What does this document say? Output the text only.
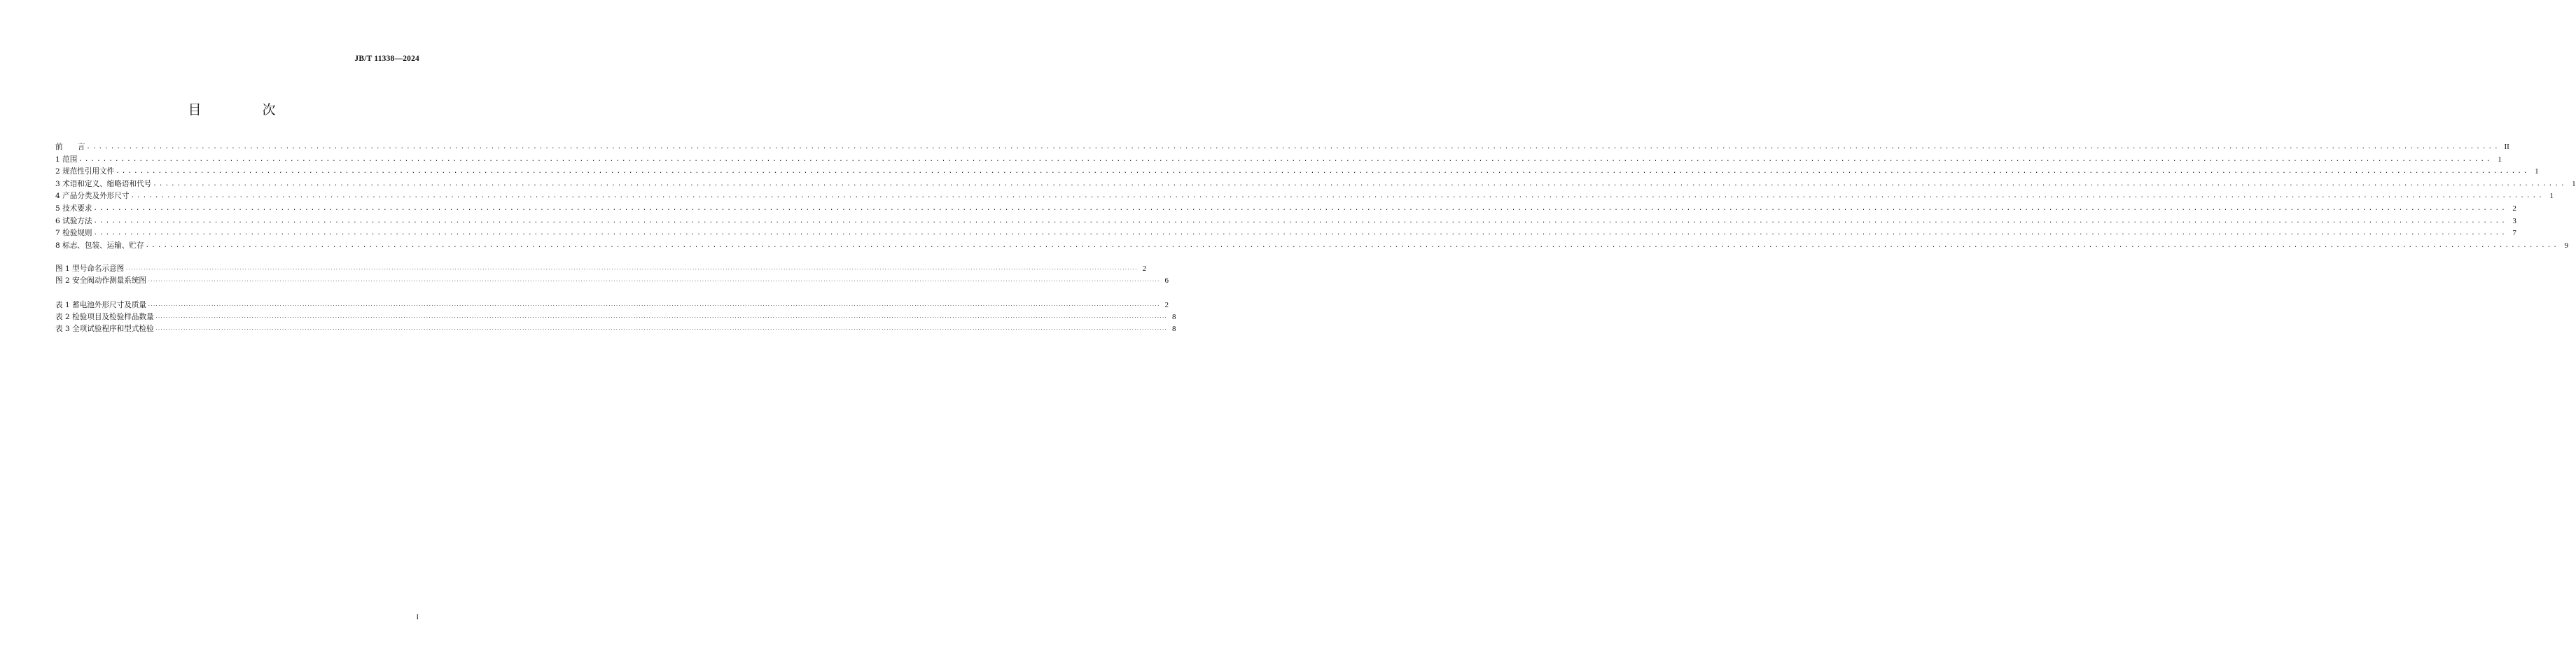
JB/T 11338—2024
目　次
前　　言 ................................................................................................................................................................................................................................................................................................................................................................................................................ II
1 范围 ................................................................................................................................................................................................................................................................................................................................................................................................................ 1
2 规范性引用文件 ................................................................................................................................................................................................................................................................................................................................................................................................................ 1
3 术语和定义、缩略语和代号 ................................................................................................................................................................................................................................................................................................................................................................................................................ 1
4 产品分类及外形尺寸 ................................................................................................................................................................................................................................................................................................................................................................................................................ 1
5 技术要求 ................................................................................................................................................................................................................................................................................................................................................................................................................ 2
6 试验方法 ................................................................................................................................................................................................................................................................................................................................................................................................................ 3
7 检验规则 ................................................................................................................................................................................................................................................................................................................................................................................................................ 7
8 标志、包装、运输、贮存 ................................................................................................................................................................................................................................................................................................................................................................................................................ 9
图 1 型号命名示意图 ................................................................................................................................................................................................................................................................................................................................................................................................................ 2
图 2 安全阀动作测量系统图 ................................................................................................................................................................................................................................................................................................................................................................................................................ 6
表 1 蓄电池外形尺寸及质量 ................................................................................................................................................................................................................................................................................................................................................................................................................ 2
表 2 检验项目及检验样品数量 ................................................................................................................................................................................................................................................................................................................................................................................................................ 8
表 3 全项试验程序和型式检验 ................................................................................................................................................................................................................................................................................................................................................................................................................ 8
I
